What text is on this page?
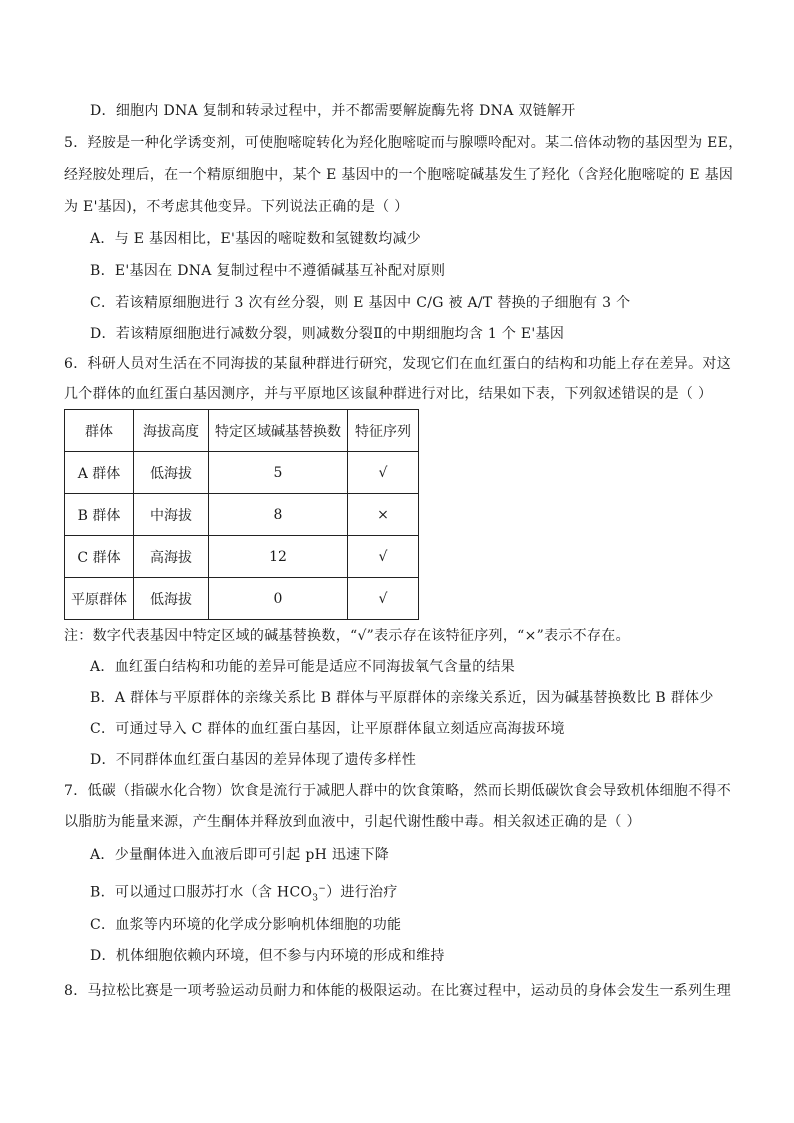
D．细胞内 DNA 复制和转录过程中，并不都需要解旋酶先将 DNA 双链解开
5．羟胺是一种化学诱变剂，可使胞嘧啶转化为羟化胞嘧啶而与腺嘌呤配对。某二倍体动物的基因型为 EE，
经羟胺处理后，在一个精原细胞中，某个 E 基因中的一个胞嘧啶碱基发生了羟化（含羟化胞嘧啶的 E 基因
为 E'基因)，不考虑其他变异。下列说法正确的是（ ）
A．与 E 基因相比，E'基因的嘧啶数和氢键数均减少
B．E'基因在 DNA 复制过程中不遵循碱基互补配对原则
C．若该精原细胞进行 3 次有丝分裂，则 E 基因中 C/G 被 A/T 替换的子细胞有 3 个
D．若该精原细胞进行减数分裂，则减数分裂Ⅱ的中期细胞均含 1 个 E'基因
6．科研人员对生活在不同海拔的某鼠种群进行研究，发现它们在血红蛋白的结构和功能上存在差异。对这
几个群体的血红蛋白基因测序，并与平原地区该鼠种群进行对比，结果如下表，下列叙述错误的是（ ）
群体	海拔高度	特定区域碱基替换数	特征序列
A 群体	低海拔	5	√
B 群体	中海拔	8	×
C 群体	高海拔	12	√
平原群体	低海拔	0	√
注：数字代表基因中特定区域的碱基替换数，“√”表示存在该特征序列，“×”表示不存在。
A．血红蛋白结构和功能的差异可能是适应不同海拔氧气含量的结果
B．A 群体与平原群体的亲缘关系比 B 群体与平原群体的亲缘关系近，因为碱基替换数比 B 群体少
C．可通过导入 C 群体的血红蛋白基因，让平原群体鼠立刻适应高海拔环境
D．不同群体血红蛋白基因的差异体现了遗传多样性
7．低碳（指碳水化合物）饮食是流行于减肥人群中的饮食策略，然而长期低碳饮食会导致机体细胞不得不
以脂肪为能量来源，产生酮体并释放到血液中，引起代谢性酸中毒。相关叙述正确的是（ ）
A．少量酮体进入血液后即可引起 pH 迅速下降
B．可以通过口服苏打水（含 $HCO_3^-$）进行治疗
C．血浆等内环境的化学成分影响机体细胞的功能
D．机体细胞依赖内环境，但不参与内环境的形成和维持
8．马拉松比赛是一项考验运动员耐力和体能的极限运动。在比赛过程中，运动员的身体会发生一系列生理
